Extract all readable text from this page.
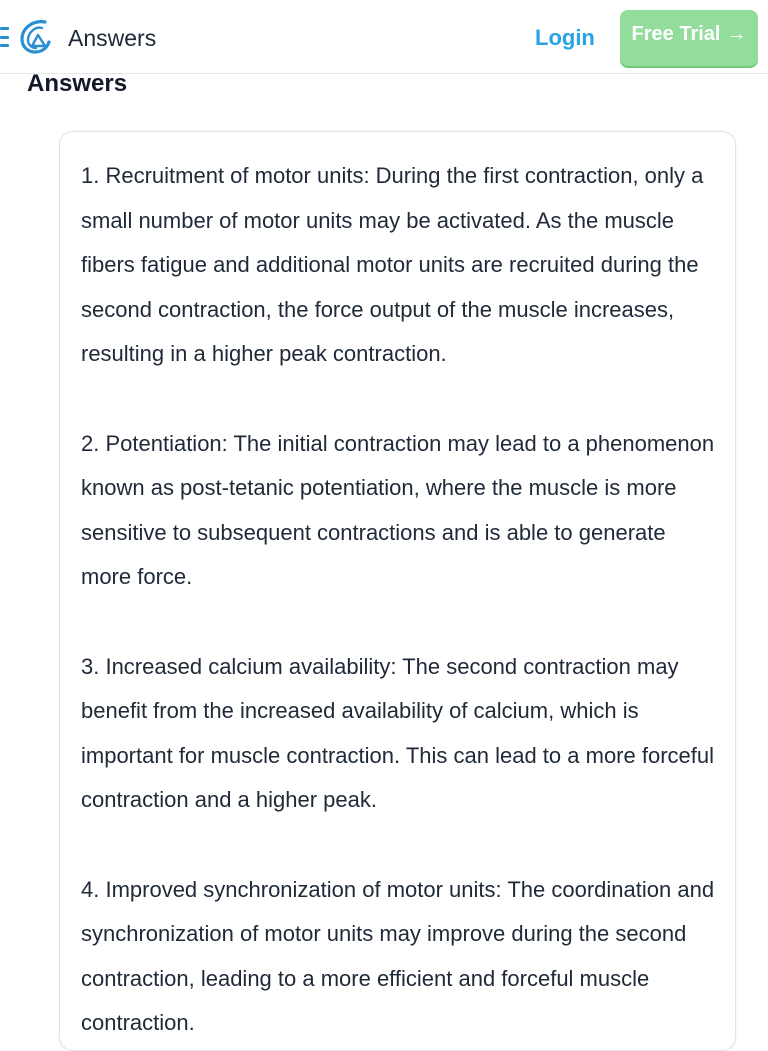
Answers	Login Free Trial →
Answers

1. Recruitment of motor units: During the first contraction, only a small number of motor units may be activated. As the muscle fibers fatigue and additional motor units are recruited during the second contraction, the force output of the muscle increases, resulting in a higher peak contraction.

2. Potentiation: The initial contraction may lead to a phenomenon known as post-tetanic potentiation, where the muscle is more sensitive to subsequent contractions and is able to generate more force.

3. Increased calcium availability: The second contraction may benefit from the increased availability of calcium, which is important for muscle contraction. This can lead to a more forceful contraction and a higher peak.

4. Improved synchronization of motor units: The coordination and synchronization of motor units may improve during the second contraction, leading to a more efficient and forceful muscle contraction.
